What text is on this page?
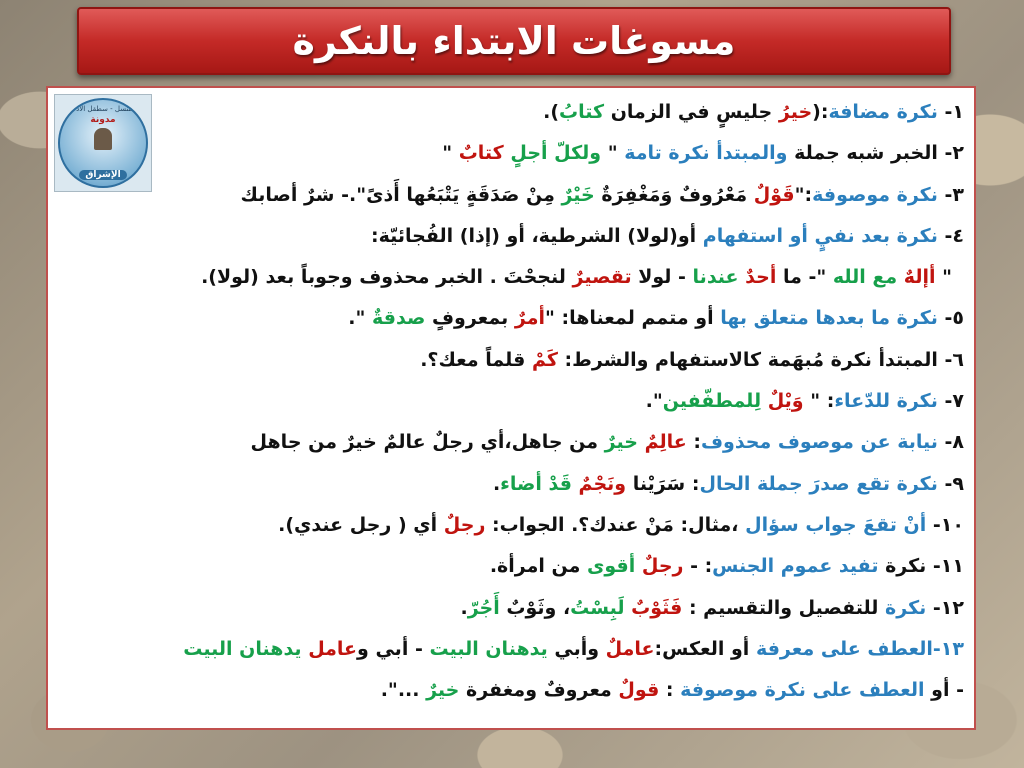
مسوغات الابتداء بالنكرة
ستنسل - سطقل الادب
مدونة
الإشراق
١- نكرة مضافة:(خيرُ جليسٍ في الزمان كتابُ).
٢- الخبر شبه جملة والمبتدأ نكرة تامة " ولكلّ أجلٍ كتابٌ "
٣- نكرة موصوفة:"قَوْلٌ مَعْرُوفٌ وَمَغْفِرَةٌ خَيْرٌ مِنْ صَدَقَةٍ يَتْبَعُها أَذىً".- شرٌ أصابك
٤- نكرة بعد نفيٍ أو استفهام أو(لولا) الشرطية، أو (إذا) الفُجائيّة:
" أإلهٌ مع الله "- ما أحدٌ عندنا - لولا تقصيرٌ لنجحْتَ . الخبر محذوف وجوباً بعد (لولا).
٥- نكرة ما بعدها متعلق بها أو متمم لمعناها: "أمرٌ بمعروفٍ صدقةٌ ".
٦- المبتدأ نكرة مُبهَمة كالاستفهام والشرط: كَمْ قلماً معك؟.
٧- نكرة للدّعاء: " وَيْلٌ لِلمطفّفين".
٨- نيابة عن موصوف محذوف: عالِمٌ خيرٌ من جاهل،أي رجلٌ عالمٌ خيرٌ من جاهل
٩- نكرة تقع صدرَ جملة الحال: سَرَيْنا ونَجْمٌ قَدْ أضاء.
١٠- أنْ تقعَ جواب سؤال ،مثال: مَنْ عندك؟. الجواب: رجلٌ أي ( رجل عندي).
١١- نكرة تفيد عموم الجنس: - رجلٌ أقوى من امرأة.
١٢- نكرة للتفصيل والتقسيم : فَثَوْبٌ لَبِسْتُ، وثَوْبٌ أَجُرّ.
١٣-العطف على معرفة أو العكس:عاملٌ وأبي يدهنان البيت - أبي وعامل يدهنان البيت
- أو العطف على نكرة موصوفة : قولٌ معروفٌ ومغفرة خيرٌ ...".
